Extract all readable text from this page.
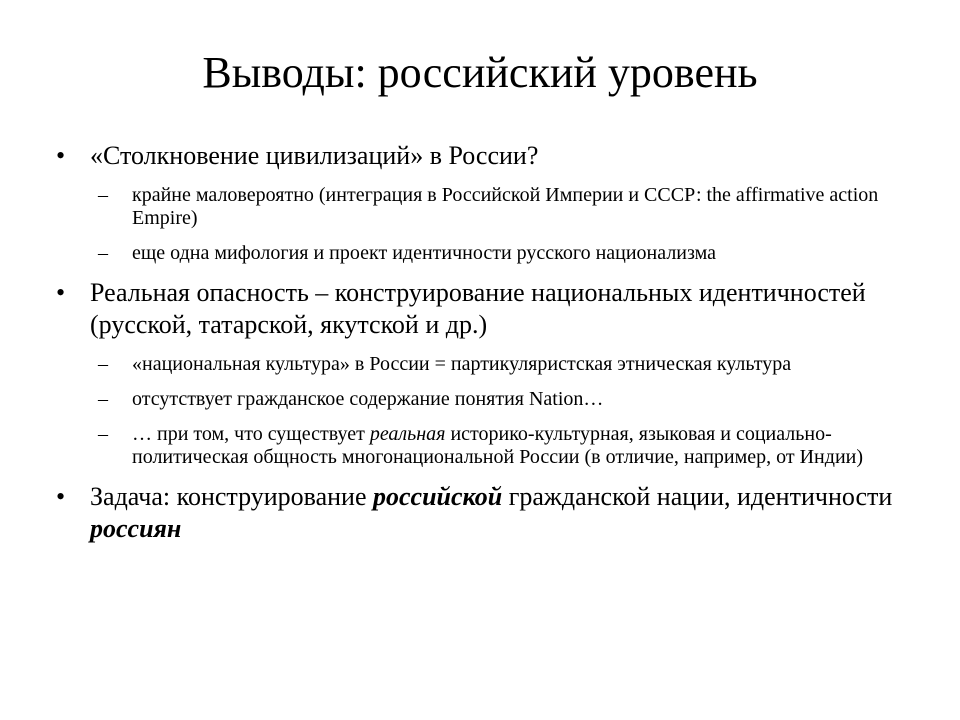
Выводы: российский уровень
• «Столкновение цивилизаций» в России?
– крайне маловероятно (интеграция в Российской Империи и СССР: the affirmative action Empire)
– еще одна мифология и проект идентичности русского национализма
• Реальная опасность – конструирование национальных идентичностей (русской, татарской, якутской и др.)
– «национальная культура» в России = партикуляристская этническая культура
– отсутствует гражданское содержание понятия Nation…
– … при том, что существует реальная историко-культурная, языковая и социально-политическая общность многонациональной России (в отличие, например, от Индии)
• Задача: конструирование российской гражданской нации, идентичности россиян
